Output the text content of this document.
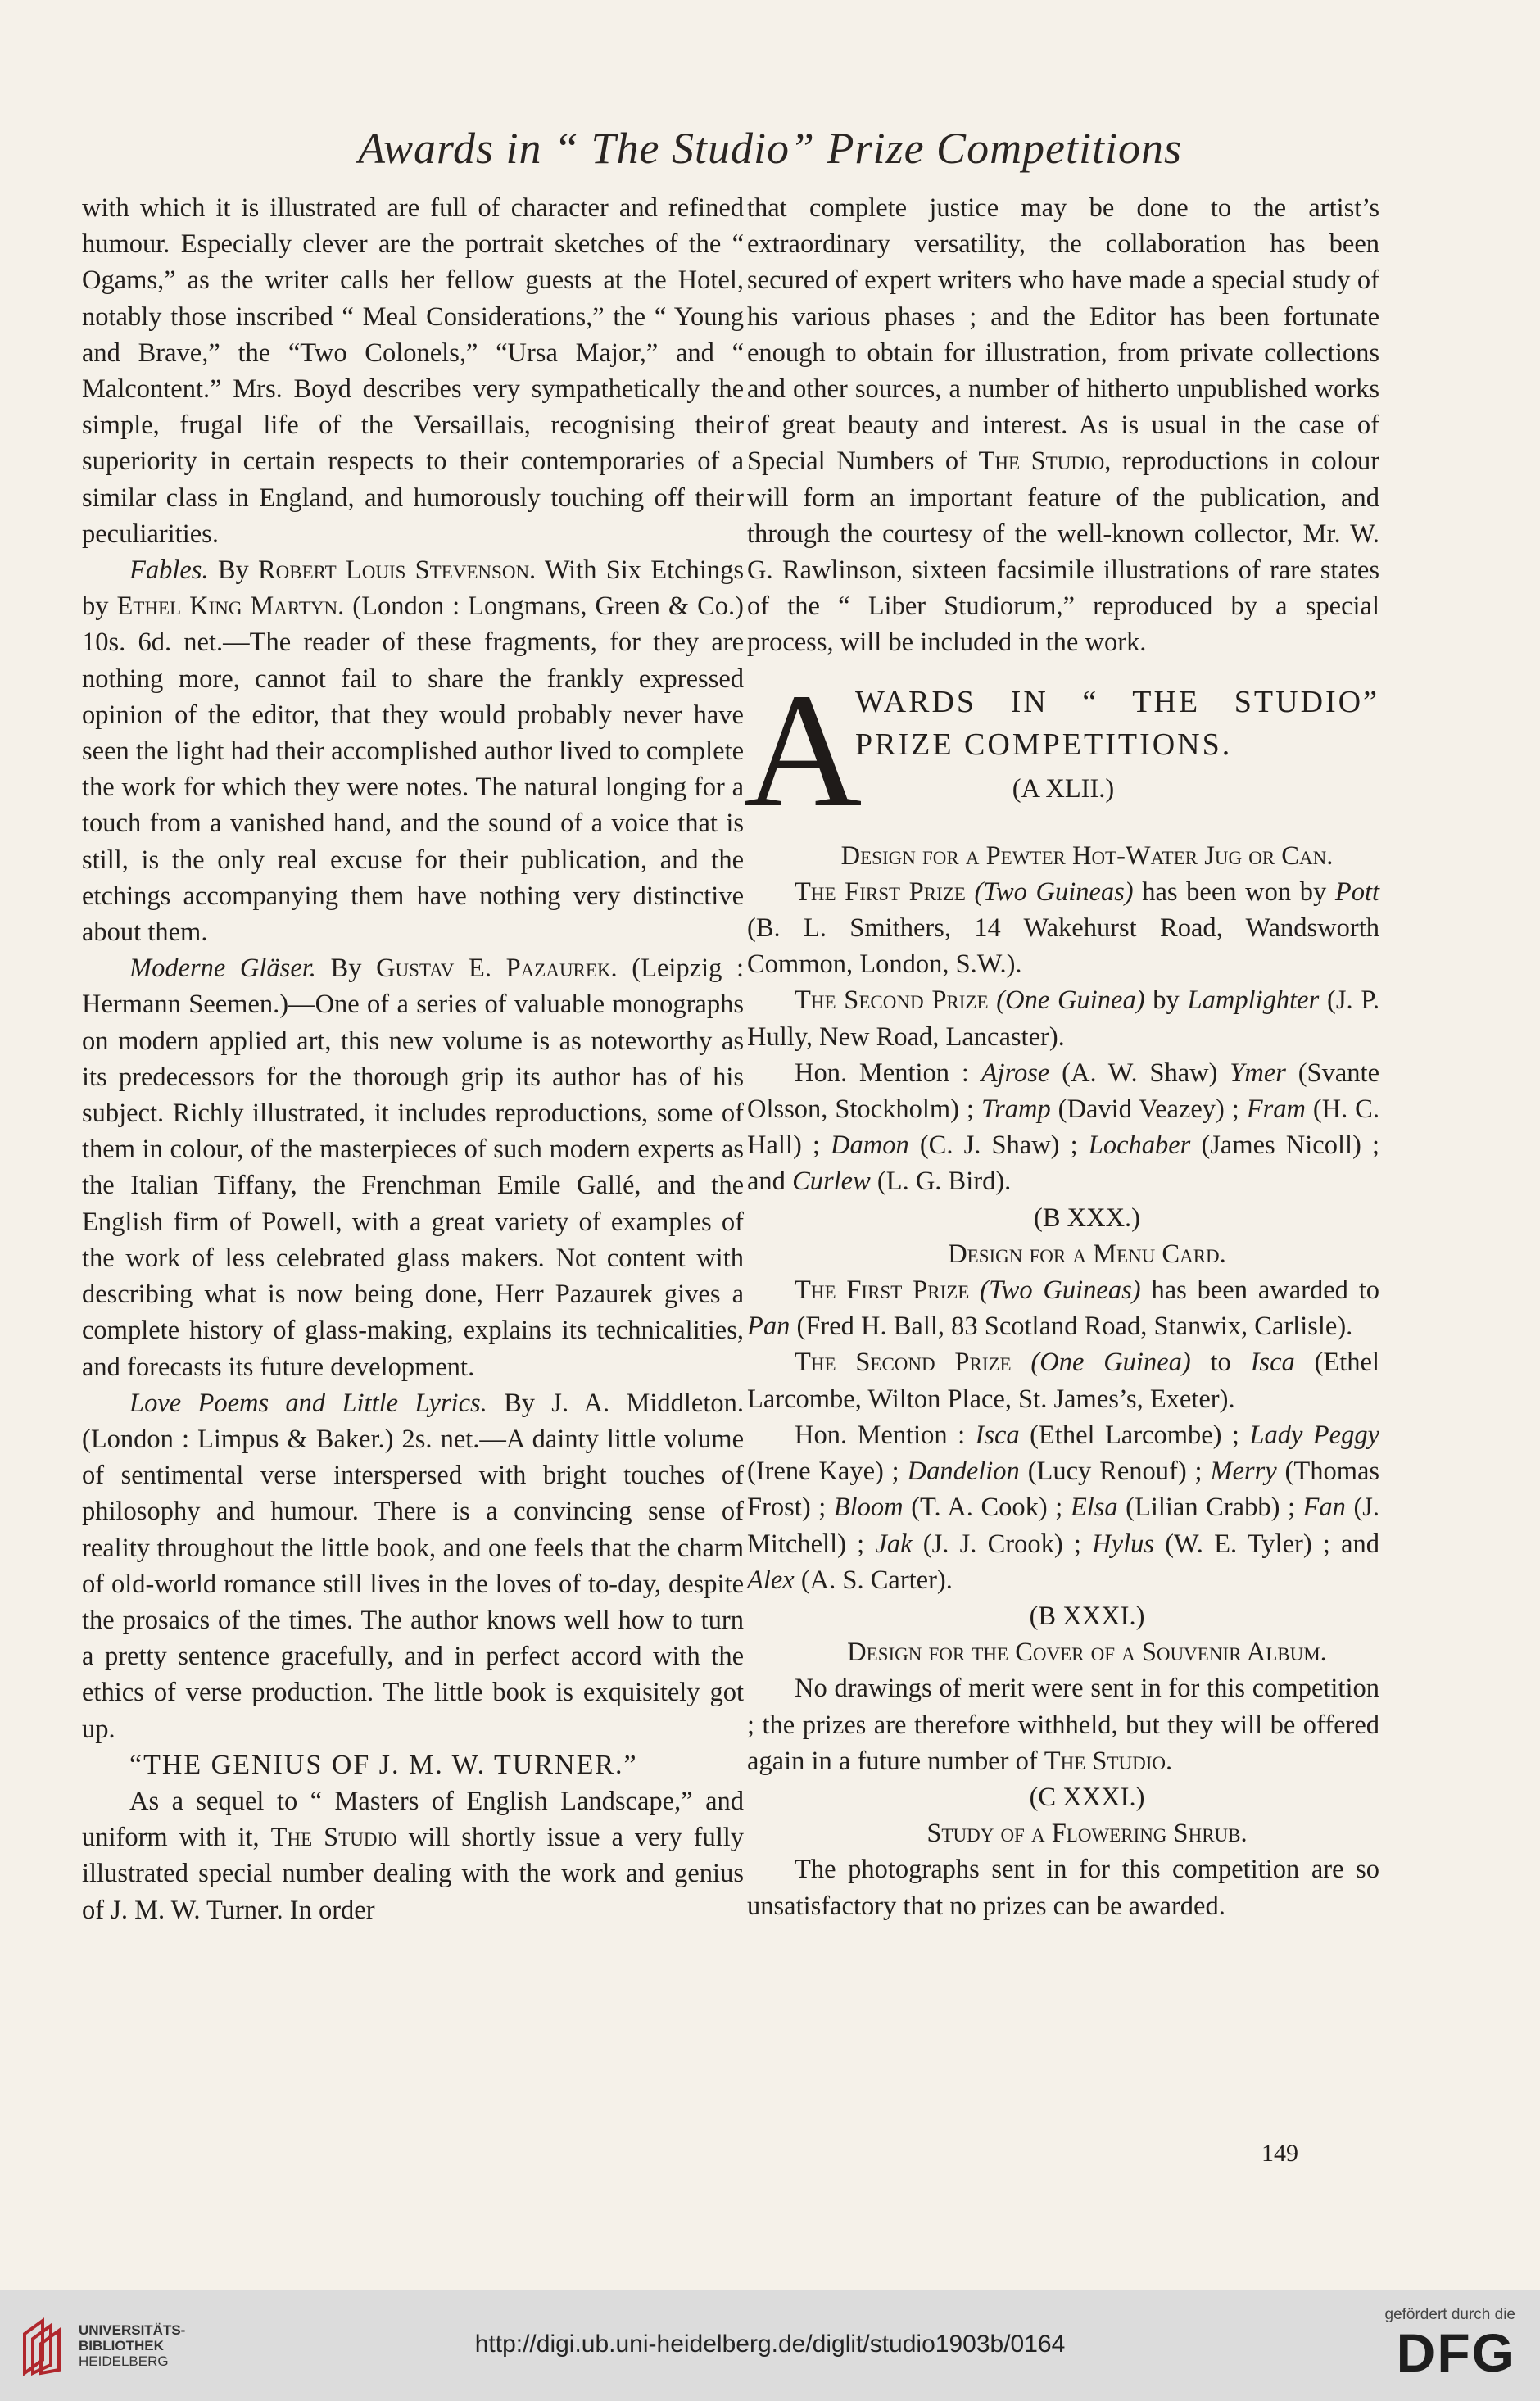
Awards in “ The Studio” Prize Competitions

with which it is illustrated are full of character and refined humour. Especially clever are the portrait sketches of the “ Ogams,” as the writer calls her fellow guests at the Hotel, notably those inscribed “ Meal Considerations,” the “ Young and Brave,” the “Two Colonels,” “Ursa Major,” and “ Malcontent.” Mrs. Boyd describes very sympathetically the simple, frugal life of the Versaillais, recognising their superiority in certain respects to their contemporaries of a similar class in England, and humorously touching off their peculiarities.

Fables. By Robert Louis Stevenson. With Six Etchings by Ethel King Martyn. (London : Longmans, Green & Co.) 10s. 6d. net.—The reader of these fragments, for they are nothing more, cannot fail to share the frankly expressed opinion of the editor, that they would probably never have seen the light had their accomplished author lived to complete the work for which they were notes. The natural longing for a touch from a vanished hand, and the sound of a voice that is still, is the only real excuse for their publication, and the etchings accompanying them have nothing very distinctive about them.

Moderne Gläser. By Gustav E. Pazaurek. (Leipzig : Hermann Seemen.)—One of a series of valuable monographs on modern applied art, this new volume is as noteworthy as its predecessors for the thorough grip its author has of his subject. Richly illustrated, it includes reproductions, some of them in colour, of the masterpieces of such modern experts as the Italian Tiffany, the Frenchman Emile Gallé, and the English firm of Powell, with a great variety of examples of the work of less celebrated glass makers. Not content with describing what is now being done, Herr Pazaurek gives a complete history of glass-making, explains its technicalities, and forecasts its future development.

Love Poems and Little Lyrics. By J. A. Middleton. (London : Limpus & Baker.) 2s. net.—A dainty little volume of sentimental verse interspersed with bright touches of philosophy and humour. There is a convincing sense of reality throughout the little book, and one feels that the charm of old-world romance still lives in the loves of to-day, despite the prosaics of the times. The author knows well how to turn a pretty sentence gracefully, and in perfect accord with the ethics of verse production. The little book is exquisitely got up.

“THE GENIUS OF J. M. W. TURNER.”

As a sequel to “ Masters of English Landscape,” and uniform with it, The Studio will shortly issue a very fully illustrated special number dealing with the work and genius of J. M. W. Turner. In order

that complete justice may be done to the artist’s extraordinary versatility, the collaboration has been secured of expert writers who have made a special study of his various phases ; and the Editor has been fortunate enough to obtain for illustration, from private collections and other sources, a number of hitherto unpublished works of great beauty and interest. As is usual in the case of Special Numbers of The Studio, reproductions in colour will form an important feature of the publication, and through the courtesy of the well-known collector, Mr. W. G. Rawlinson, sixteen facsimile illustrations of rare states of the “ Liber Studiorum,” reproduced by a special process, will be included in the work.

A
WARDS IN “ THE STUDIO” PRIZE COMPETITIONS.
(A XLII.)

Design for a Pewter Hot-Water Jug or Can.

The First Prize (Two Guineas) has been won by Pott (B. L. Smithers, 14 Wakehurst Road, Wandsworth Common, London, S.W.).

The Second Prize (One Guinea) by Lamplighter (J. P. Hully, New Road, Lancaster).

Hon. Mention : Ajrose (A. W. Shaw) Ymer (Svante Olsson, Stockholm) ; Tramp (David Veazey) ; Fram (H. C. Hall) ; Damon (C. J. Shaw) ; Lochaber (James Nicoll) ; and Curlew (L. G. Bird).

(B XXX.)

Design for a Menu Card.

The First Prize (Two Guineas) has been awarded to Pan (Fred H. Ball, 83 Scotland Road, Stanwix, Carlisle).

The Second Prize (One Guinea) to Isca (Ethel Larcombe, Wilton Place, St. James’s, Exeter).

Hon. Mention : Isca (Ethel Larcombe) ; Lady Peggy (Irene Kaye) ; Dandelion (Lucy Renouf) ; Merry (Thomas Frost) ; Bloom (T. A. Cook) ; Elsa (Lilian Crabb) ; Fan (J. Mitchell) ; Jak (J. J. Crook) ; Hylus (W. E. Tyler) ; and Alex (A. S. Carter).

(B XXXI.)

Design for the Cover of a Souvenir Album.

No drawings of merit were sent in for this competition ; the prizes are therefore withheld, but they will be offered again in a future number of The Studio.

(C XXXI.)

Study of a Flowering Shrub.

The photographs sent in for this competition are so unsatisfactory that no prizes can be awarded.

149
UNIVERSITÄTS-
BIBLIOTHEK
HEIDELBERG
http://digi.ub.uni-heidelberg.de/diglit/studio1903b/0164
gefördert durch die
DFG
